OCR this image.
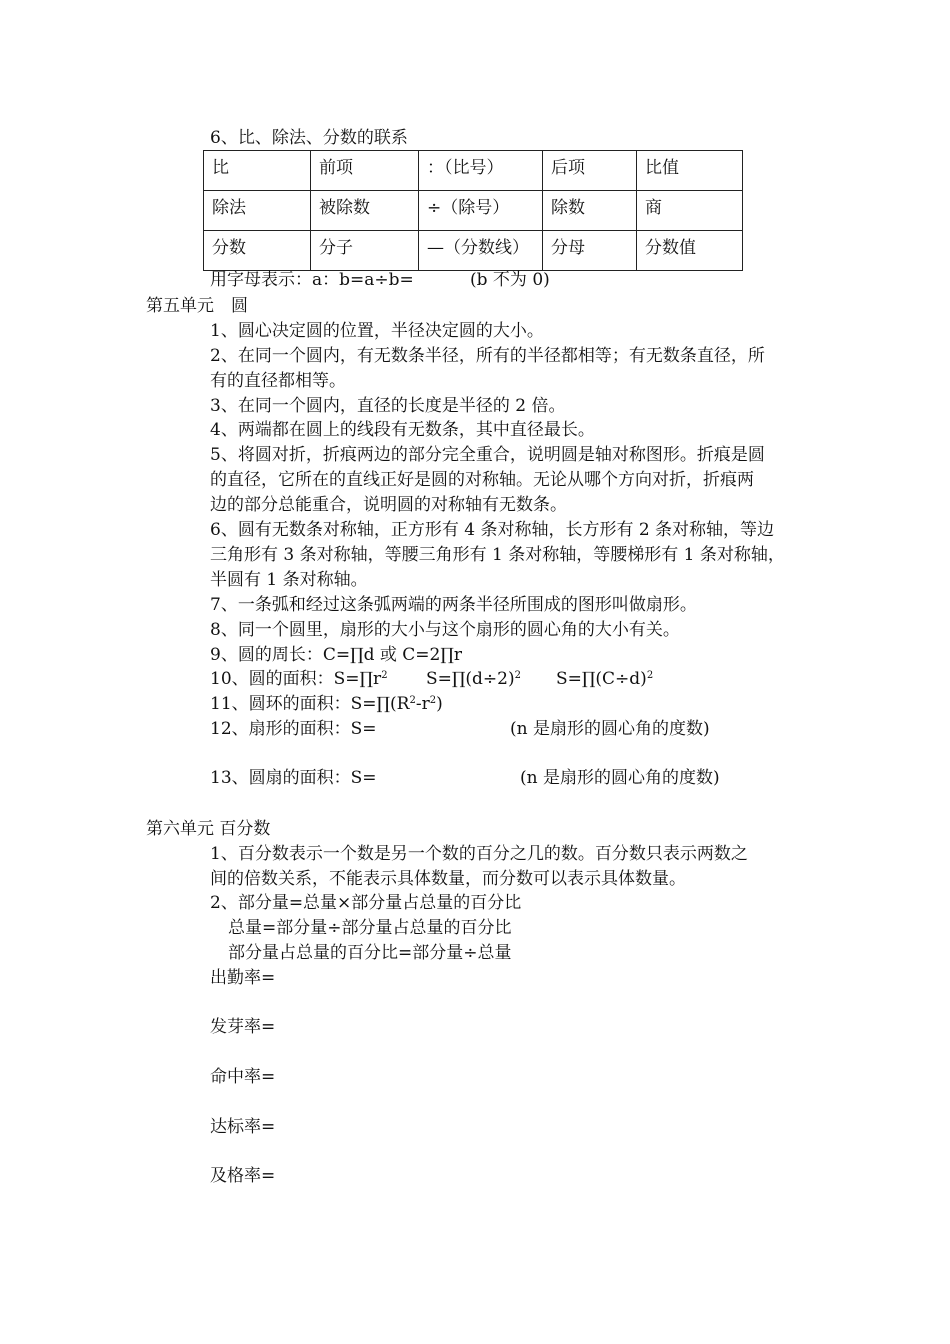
6、比、除法、分数的联系
比	前项	：（比号）	后项	比值
除法	被除数	÷（除号）	除数	商
分数	分子	—（分数线）	分母	分数值
用字母表示：a：b=a÷b=	(b 不为 0)
第五单元　圆
1、圆心决定圆的位置，半径决定圆的大小。
2、在同一个圆内，有无数条半径，所有的半径都相等；有无数条直径，所
有的直径都相等。
3、在同一个圆内，直径的长度是半径的 2 倍。
4、两端都在圆上的线段有无数条，其中直径最长。
5、将圆对折，折痕两边的部分完全重合，说明圆是轴对称图形。折痕是圆
的直径，它所在的直线正好是圆的对称轴。无论从哪个方向对折，折痕两
边的部分总能重合，说明圆的对称轴有无数条。
6、圆有无数条对称轴，正方形有 4 条对称轴，长方形有 2 条对称轴，等边
三角形有 3 条对称轴，等腰三角形有 1 条对称轴，等腰梯形有 1 条对称轴，
半圆有 1 条对称轴。
7、一条弧和经过这条弧两端的两条半径所围成的图形叫做扇形。
8、同一个圆里，扇形的大小与这个扇形的圆心角的大小有关。
9、圆的周长：C=∏d 或 C=2∏r
10、圆的面积：$S=\prod r^2$ $S=\prod(d\div 2)^2$ $S=\prod(C\div d)^2$
11、圆环的面积：$S=\prod(R^2-r^2)$
12、扇形的面积：S=	(n 是扇形的圆心角的度数)
13、圆扇的面积：S=	(n 是扇形的圆心角的度数)
第六单元 百分数
1、百分数表示一个数是另一个数的百分之几的数。百分数只表示两数之
间的倍数关系，不能表示具体数量，而分数可以表示具体数量。
2、部分量=总量×部分量占总量的百分比
总量=部分量÷部分量占总量的百分比
部分量占总量的百分比=部分量÷总量
出勤率=
发芽率=
命中率=
达标率=
及格率=
